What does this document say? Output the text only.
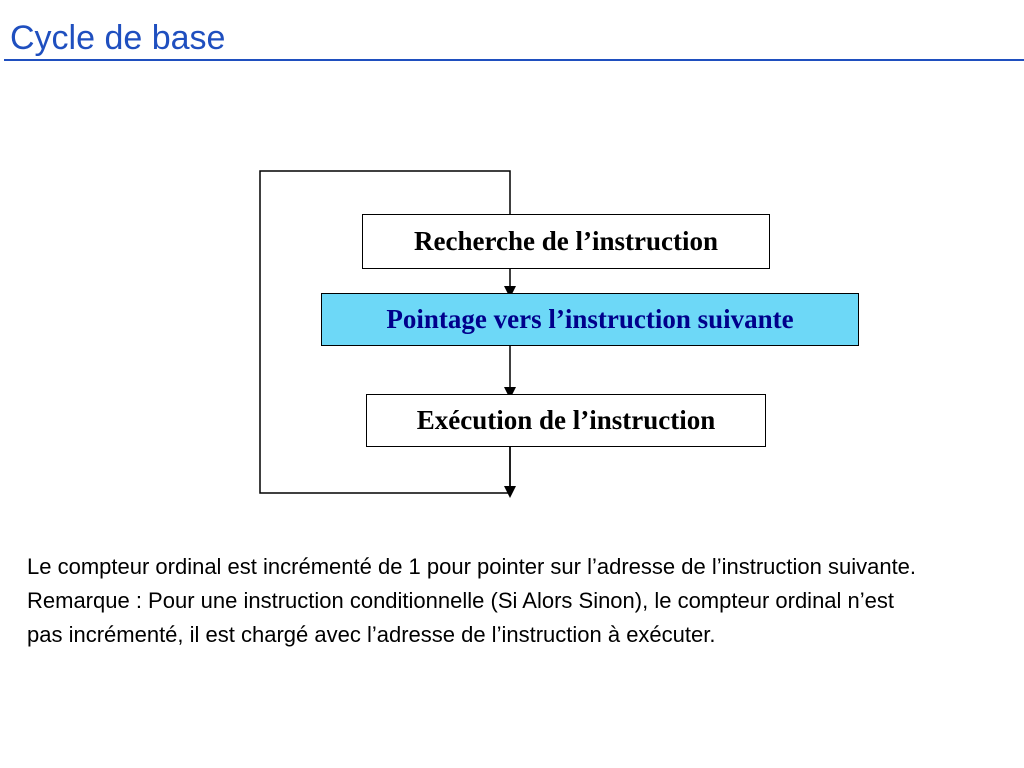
Cycle de base
Recherche de l’instruction
Pointage vers l’instruction suivante
Exécution de l’instruction

Le compteur ordinal est incrémenté de 1 pour pointer sur l’adresse de l’instruction suivante.

Remarque : Pour une instruction conditionnelle (Si Alors Sinon), le compteur ordinal n’est pas incrémenté, il est chargé avec l’adresse de l’instruction à exécuter.
